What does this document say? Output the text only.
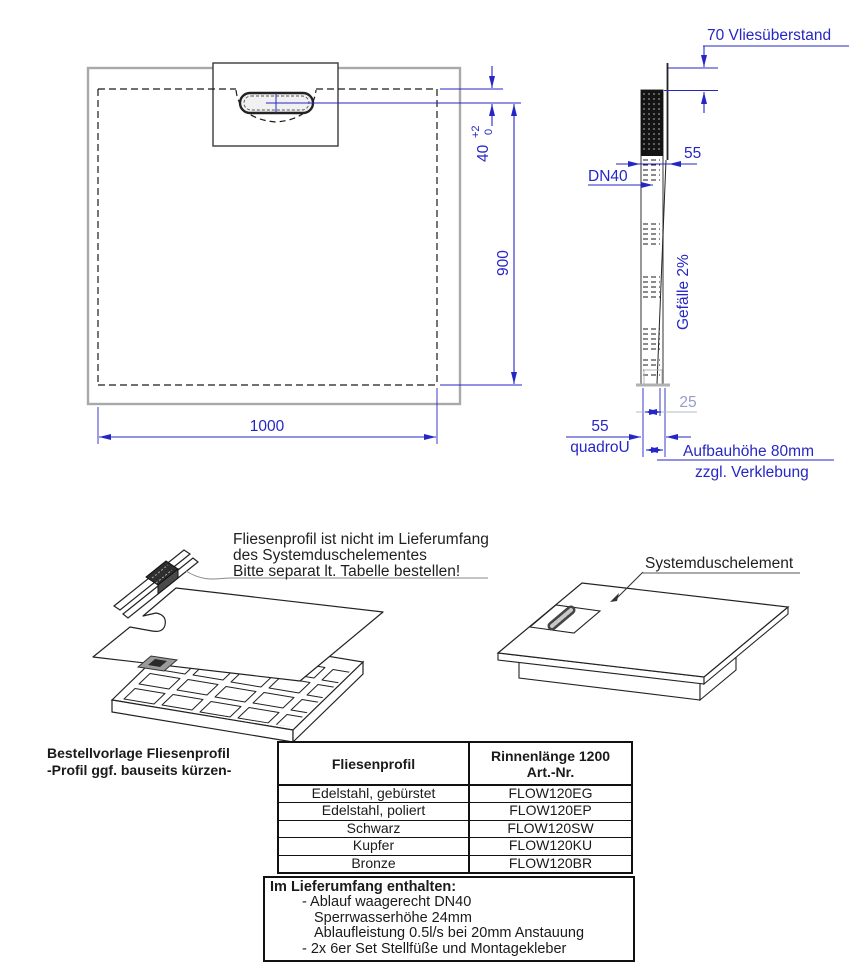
40
+2 0
900
1000
Gefälle 2%
70 Vliesüberstand
55
DN40
25
55
quadroU	Aufbauhöhe 80mm
zzgl. Verklebung
Fliesenprofil ist nicht im Lieferumfang
des Systemduschelementes
Bitte separat lt. Tabelle bestellen!	Systemduschelement
Bestellvorlage Fliesenprofil
-Profil ggf. bauseits kürzen-	Fliesenprofil	Rinnenlänge 1200
Art.-Nr.
Edelstahl, gebürstet	FLOW120EG
Edelstahl, poliert	FLOW120EP
Schwarz	FLOW120SW
Kupfer	FLOW120KU
Bronze	FLOW120BR
Im Lieferumfang enthalten:
- Ablauf waagerecht DN40
Sperrwasserhöhe 24mm
Ablaufleistung 0.5l/s bei 20mm Anstauung
- 2x 6er Set Stellfüße und Montagekleber
